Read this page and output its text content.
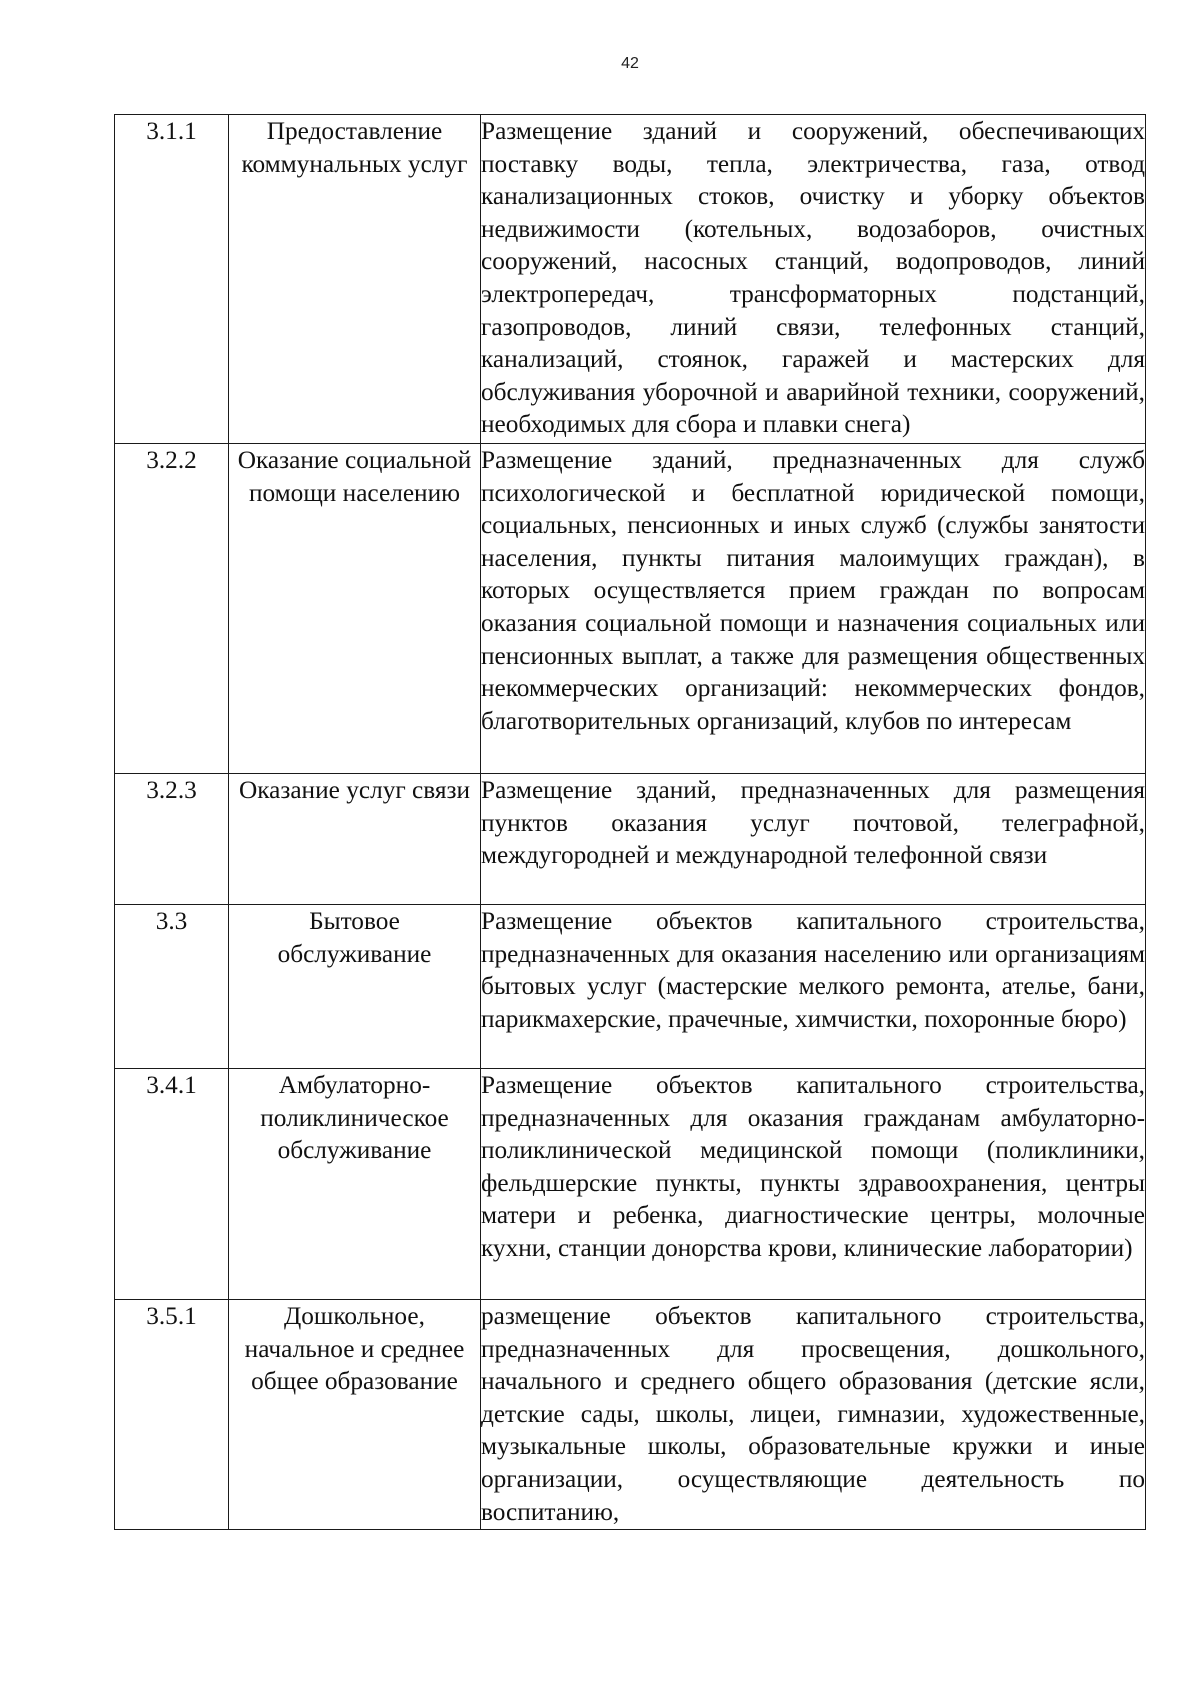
42
3.1.1	Предоставление коммунальных услуг	Размещение зданий и сооружений, обеспечивающих поставку воды, тепла, электричества, газа, отвод канализационных стоков, очистку и уборку объектов недвижимости (котельных, водозаборов, очистных сооружений, насосных станций, водопроводов, линий электропередач, трансформаторных подстанций, газопроводов, линий связи, телефонных станций, канализаций, стоянок, гаражей и мастерских для обслуживания уборочной и аварийной техники, сооружений, необходимых для сбора и плавки снега)

3.2.2	Оказание социальной помощи населению	Размещение зданий, предназначенных для служб психологической и бесплатной юридической помощи, социальных, пенсионных и иных служб (службы занятости населения, пункты питания малоимущих граждан), в которых осуществляется прием граждан по вопросам оказания социальной помощи и назначения социальных или пенсионных выплат, а также для размещения общественных некоммерческих организаций: некоммерческих фондов, благотворительных организаций, клубов по интересам

3.2.3	Оказание услуг связи	Размещение зданий, предназначенных для размещения пунктов оказания услуг почтовой, телеграфной, междугородней и международной телефонной связи

3.3	Бытовое обслуживание	Размещение объектов капитального строительства, предназначенных для оказания населению или организациям бытовых услуг (мастерские мелкого ремонта, ателье, бани, парикмахерские, прачечные, химчистки, похоронные бюро)

3.4.1	Амбулаторно-поликлиническое обслуживание	Размещение объектов капитального строительства, предназначенных для оказания гражданам амбулаторно-поликлинической медицинской помощи (поликлиники, фельдшерские пункты, пункты здравоохранения, центры матери и ребенка, диагностические центры, молочные кухни, станции донорства крови, клинические лаборатории)

3.5.1	Дошкольное, начальное и среднее общее образование	размещение объектов капитального строительства, предназначенных для просвещения, дошкольного, начального и среднего общего образования (детские ясли, детские сады, школы, лицеи, гимназии, художественные, музыкальные школы, образовательные кружки и иные организации, осуществляющие деятельность по воспитанию,
